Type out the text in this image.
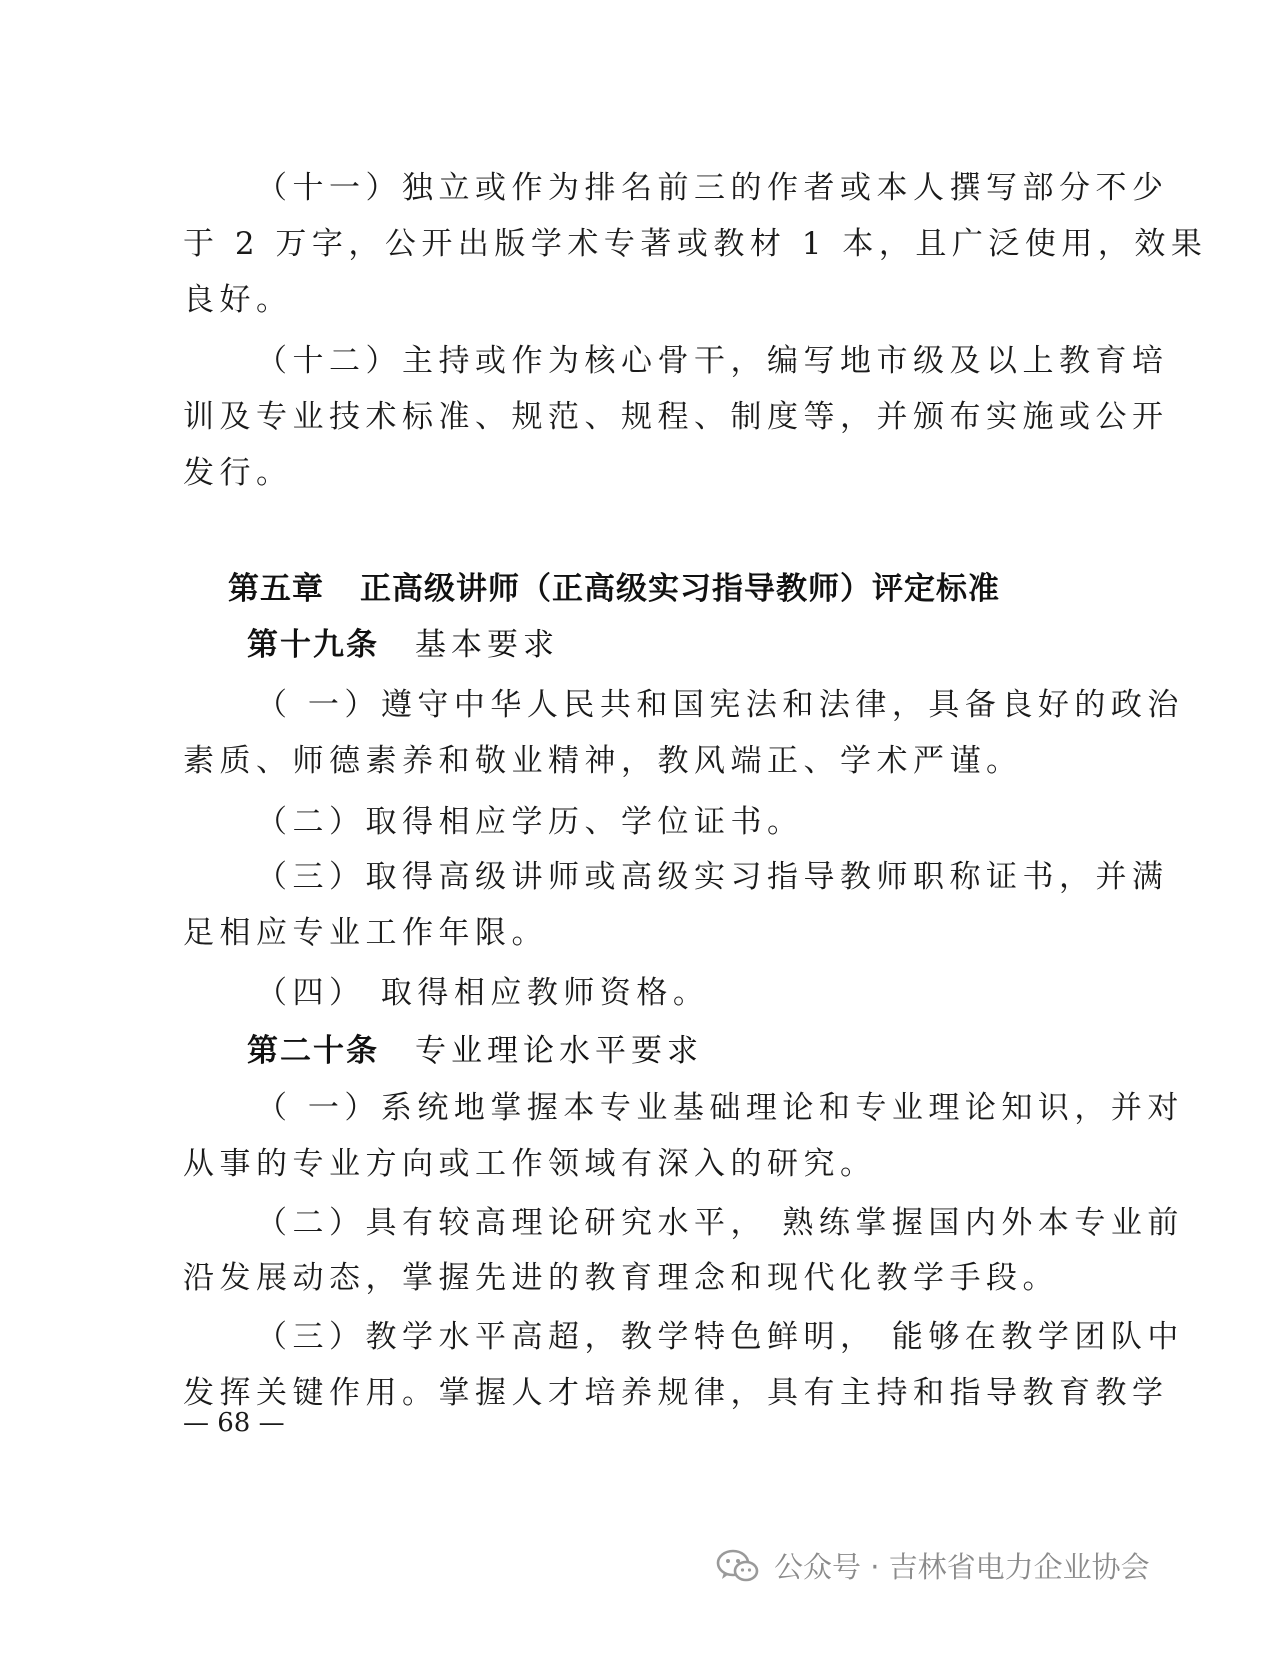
（十一）独立或作为排名前三的作者或本人撰写部分不少
于 2 万字，公开出版学术专著或教材 1 本，且广泛使用，效果
良好。
（十二）主持或作为核心骨干，编写地市级及以上教育培
训及专业技术标准、规范、规程、制度等，并颁布实施或公开
发行。
第五章 正高级讲师（正高级实习指导教师）评定标准
第十九条 基本要求
（ 一）遵守中华人民共和国宪法和法律，具备良好的政治
素质、师德素养和敬业精神，教风端正、学术严谨。
（二）取得相应学历、学位证书。
（三）取得高级讲师或高级实习指导教师职称证书，并满
足相应专业工作年限。
（四） 取得相应教师资格。
第二十条 专业理论水平要求
（ 一）系统地掌握本专业基础理论和专业理论知识，并对
从事的专业方向或工作领域有深入的研究。
（二）具有较高理论研究水平， 熟练掌握国内外本专业前
沿发展动态，掌握先进的教育理念和现代化教学手段。
（三）教学水平高超，教学特色鲜明， 能够在教学团队中
发挥关键作用。掌握人才培养规律，具有主持和指导教育教学
— 68 —
公众号 · 吉林省电力企业协会
